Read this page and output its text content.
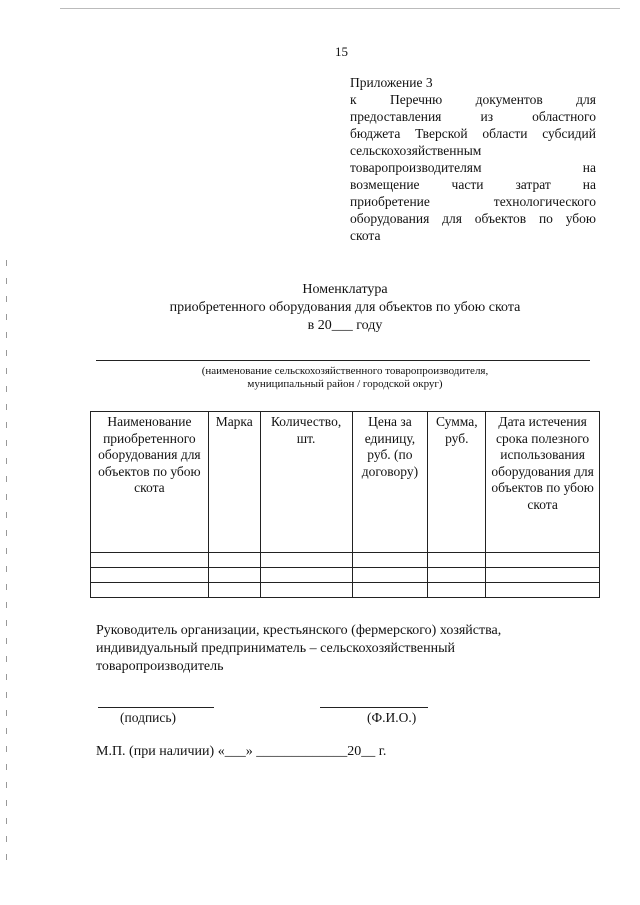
15
Приложение 3
к Перечню документов для
предоставления из областного
бюджета Тверской области субсидий
сельскохозяйственным
товаропроизводителям на
возмещение части затрат на
приобретение технологического
оборудования для объектов по убою
скота
Номенклатура
приобретенного оборудования для объектов по убою скота
в 20___ году
(наименование сельскохозяйственного товаропроизводителя,
муниципальный район / городской округ)
Наименование приобретенного оборудования для объектов по убою скота	Марка	Количество, шт.	Цена за единицу, руб. (по договору)	Сумма, руб.	Дата истечения срока полезного использования оборудования для объектов по убою скота

Руководитель организации, крестьянского (фермерского) хозяйства,
индивидуальный предприниматель – сельскохозяйственный
товаропроизводитель
(подпись)	(Ф.И.О.)
М.П. (при наличии) «___» _____________20__ г.
